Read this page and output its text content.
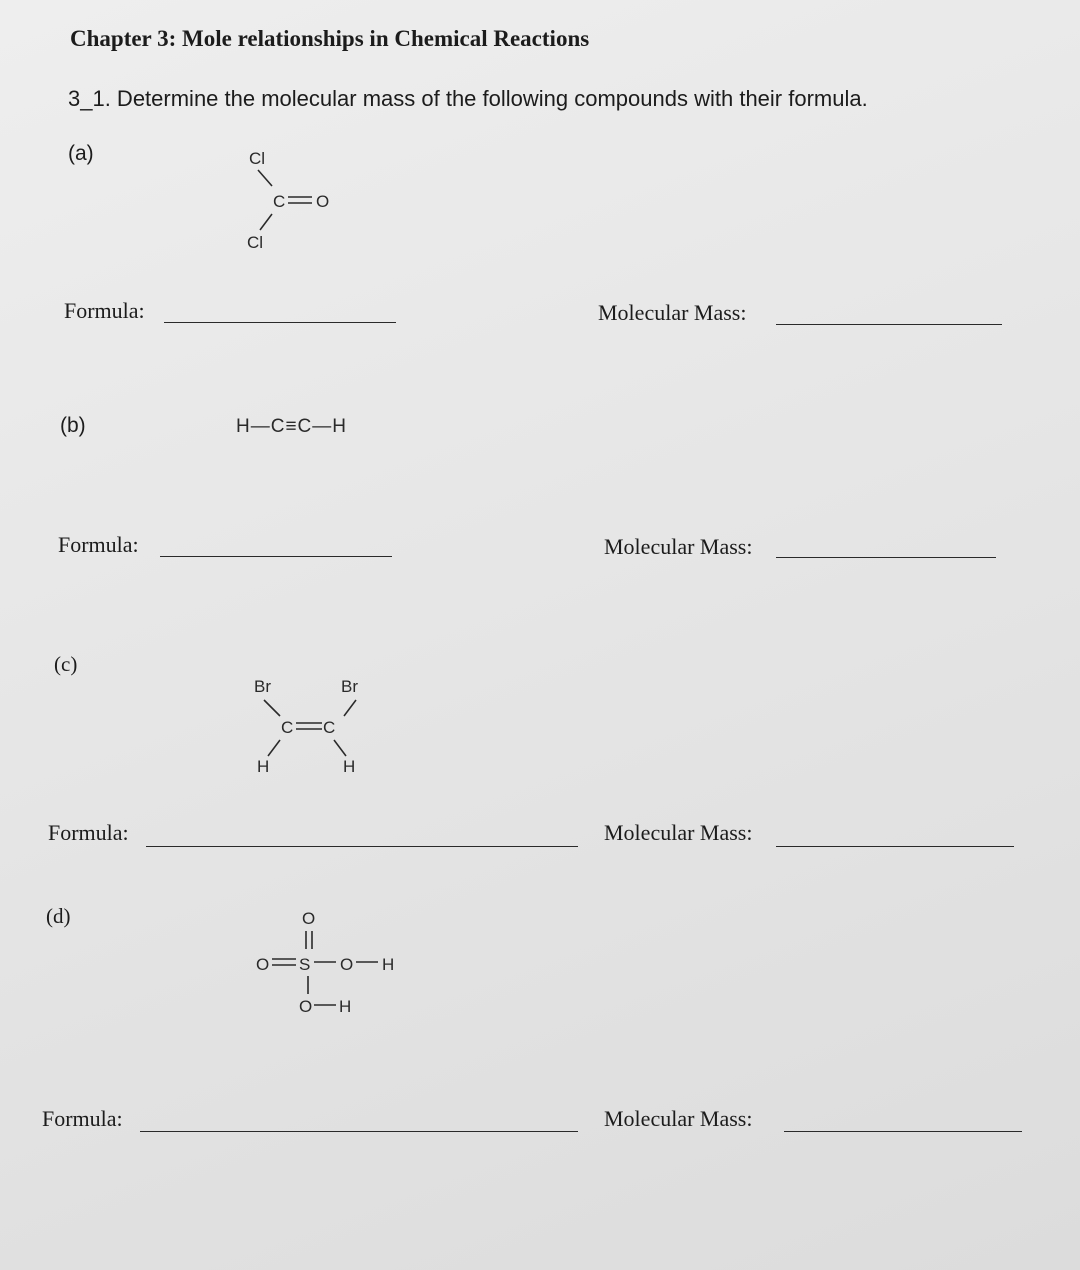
Chapter 3: Mole relationships in Chemical Reactions
3_1. Determine the molecular mass of the following compounds with their formula.
(a)	Cl
C O
Cl
Formula:	Molecular Mass:
(b)	H—C≡C—H
Formula:	Molecular Mass:
(c)
Br	Br
C C
H	H
Formula:	Molecular Mass:
(d)	O
O S O H
O H
Formula:	Molecular Mass:
